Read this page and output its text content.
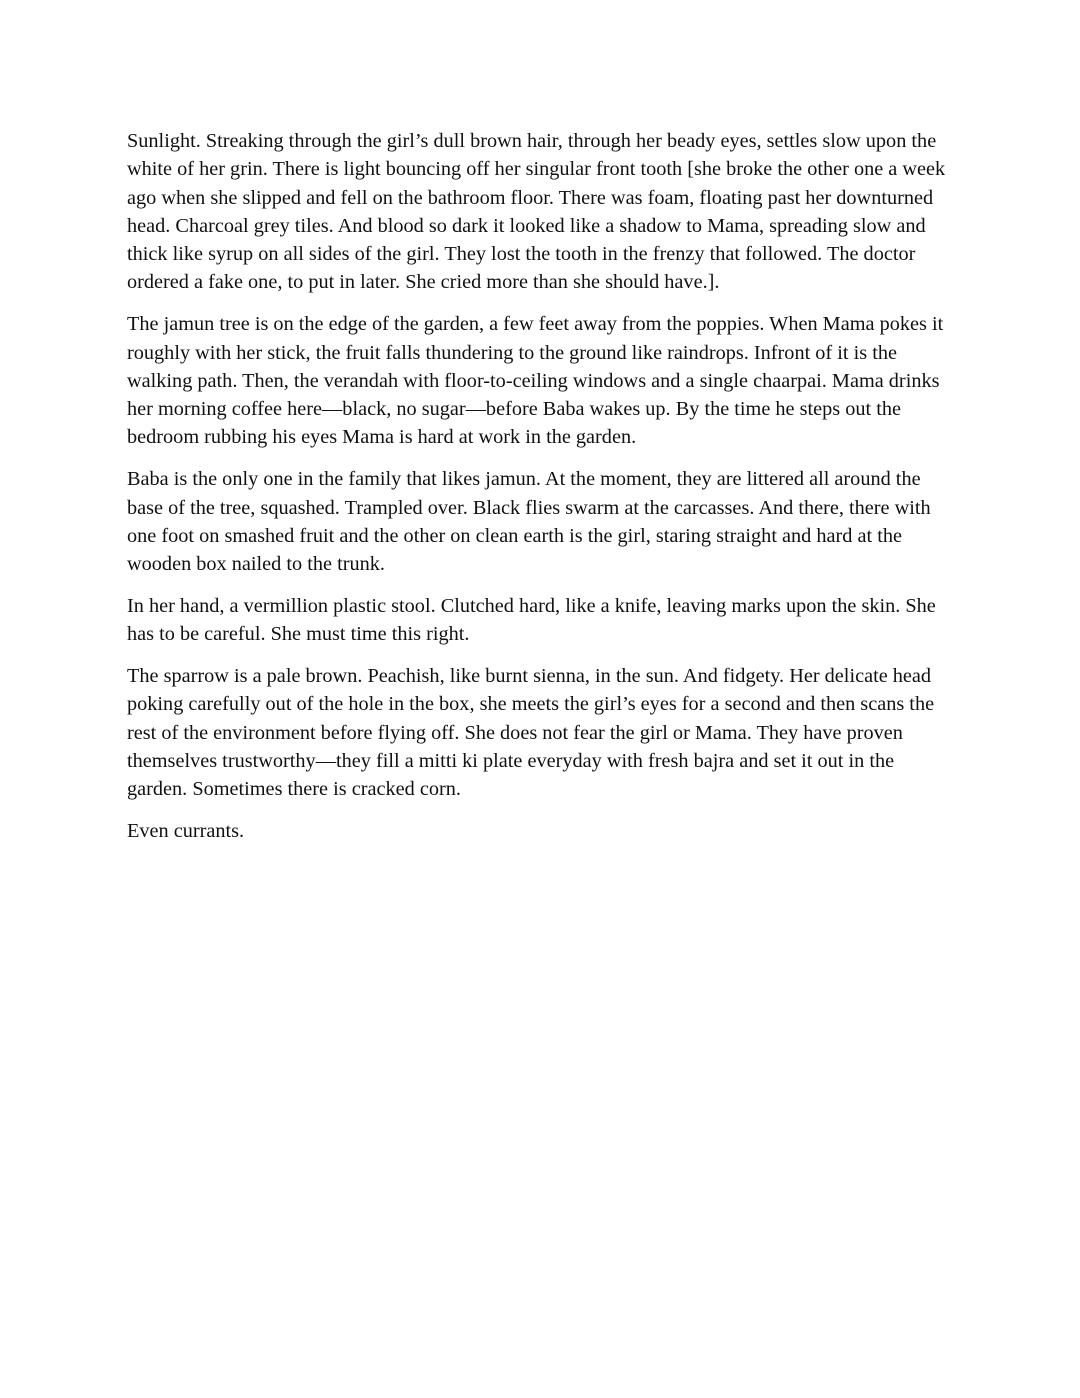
Sunlight. Streaking through the girl’s dull brown hair, through her beady eyes, settles slow upon the white of her grin. There is light bouncing off her singular front tooth [she broke the other one a week ago when she slipped and fell on the bathroom floor. There was foam, floating past her downturned head. Charcoal grey tiles. And blood so dark it looked like a shadow to Mama, spreading slow and thick like syrup on all sides of the girl. They lost the tooth in the frenzy that followed. The doctor ordered a fake one, to put in later. She cried more than she should have.].

The jamun tree is on the edge of the garden, a few feet away from the poppies. When Mama pokes it roughly with her stick, the fruit falls thundering to the ground like raindrops. Infront of it is the walking path. Then, the verandah with floor-to-ceiling windows and a single chaarpai. Mama drinks her morning coffee here—black, no sugar—before Baba wakes up. By the time he steps out the bedroom rubbing his eyes Mama is hard at work in the garden.

Baba is the only one in the family that likes jamun. At the moment, they are littered all around the base of the tree, squashed. Trampled over. Black flies swarm at the carcasses. And there, there with one foot on smashed fruit and the other on clean earth is the girl, staring straight and hard at the wooden box nailed to the trunk.

In her hand, a vermillion plastic stool. Clutched hard, like a knife, leaving marks upon the skin. She has to be careful. She must time this right.

The sparrow is a pale brown. Peachish, like burnt sienna, in the sun. And fidgety. Her delicate head poking carefully out of the hole in the box, she meets the girl’s eyes for a second and then scans the rest of the environment before flying off. She does not fear the girl or Mama. They have proven themselves trustworthy—they fill a mitti ki plate everyday with fresh bajra and set it out in the garden. Sometimes there is cracked corn.

Even currants.
